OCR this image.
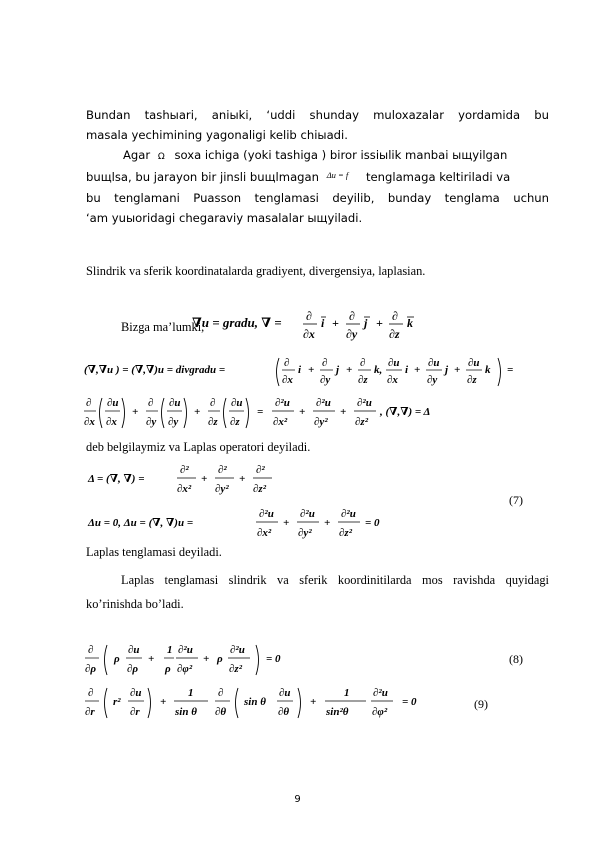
Bundan tashыari, aniыki, ‘uddi shunday muloxazalar yordamida bu
masala yechimining yagonaligi kelib chiыadi.
Agar Ω soxa ichiga (yoki tashiga ) biror issiыlik manbai ыщуilgan
buщlsa, bu jarayon bir jinsli buщlmagan $^{\Delta u = f}$ tenglamaga keltiriladi va
bu tenglamani Puasson tenglamasi deyilib, bunday tenglama uchun
‘am уuыoridagi chegaraviy masalalar ыщуiladi.
Slindrik va sferik koordinatalarda gradiyent, divergensiya, laplasian.
Bizga ma’lumki,
∇u = gradu, ∇ = ∂
∂x
i + ∂
∂y
j + ∂
∂z
k
(∇,∇u ) = (∇,∇)u = divgradu =
∂
∂x
i +
∂
∂y
j +
∂
∂z
k,
∂u
∂x
i +
∂u
∂y
j +
∂u
∂z
k =
∂
∂x
∂u
∂x
+
∂
∂y
∂u
∂y
+
∂
∂z
∂u
∂z
=
∂²u
∂x²
+
∂²u
∂y²
+
∂²u
∂z²
, (∇,∇) = Δ
deb belgilaymiz va Laplas operatori deyiladi.
Δ = (∇, ∇) =
∂²
∂x²
+
∂²
∂y²
+
∂²
∂z²
Δu = 0, Δu = (∇, ∇)u =
∂²u
∂x²
+
∂²u
∂y²
+
∂²u
∂z²
= 0
(7)
Laplas tenglamasi deyiladi.
Laplas tenglamasi slindrik va sferik koordinitilarda mos ravishda quyidagi
ko’rinishda bo’ladi.
∂
∂ρ
ρ
∂u
∂ρ
+
1
ρ
∂²u
∂φ²
+ ρ
∂²u
∂z²
= 0	(8)
∂
∂r
r²
∂u
∂r
+
1
sin θ
∂
∂θ
sin θ
∂u
∂θ
+
1
sin²θ
∂²u
∂φ²
= 0	(9)
9
